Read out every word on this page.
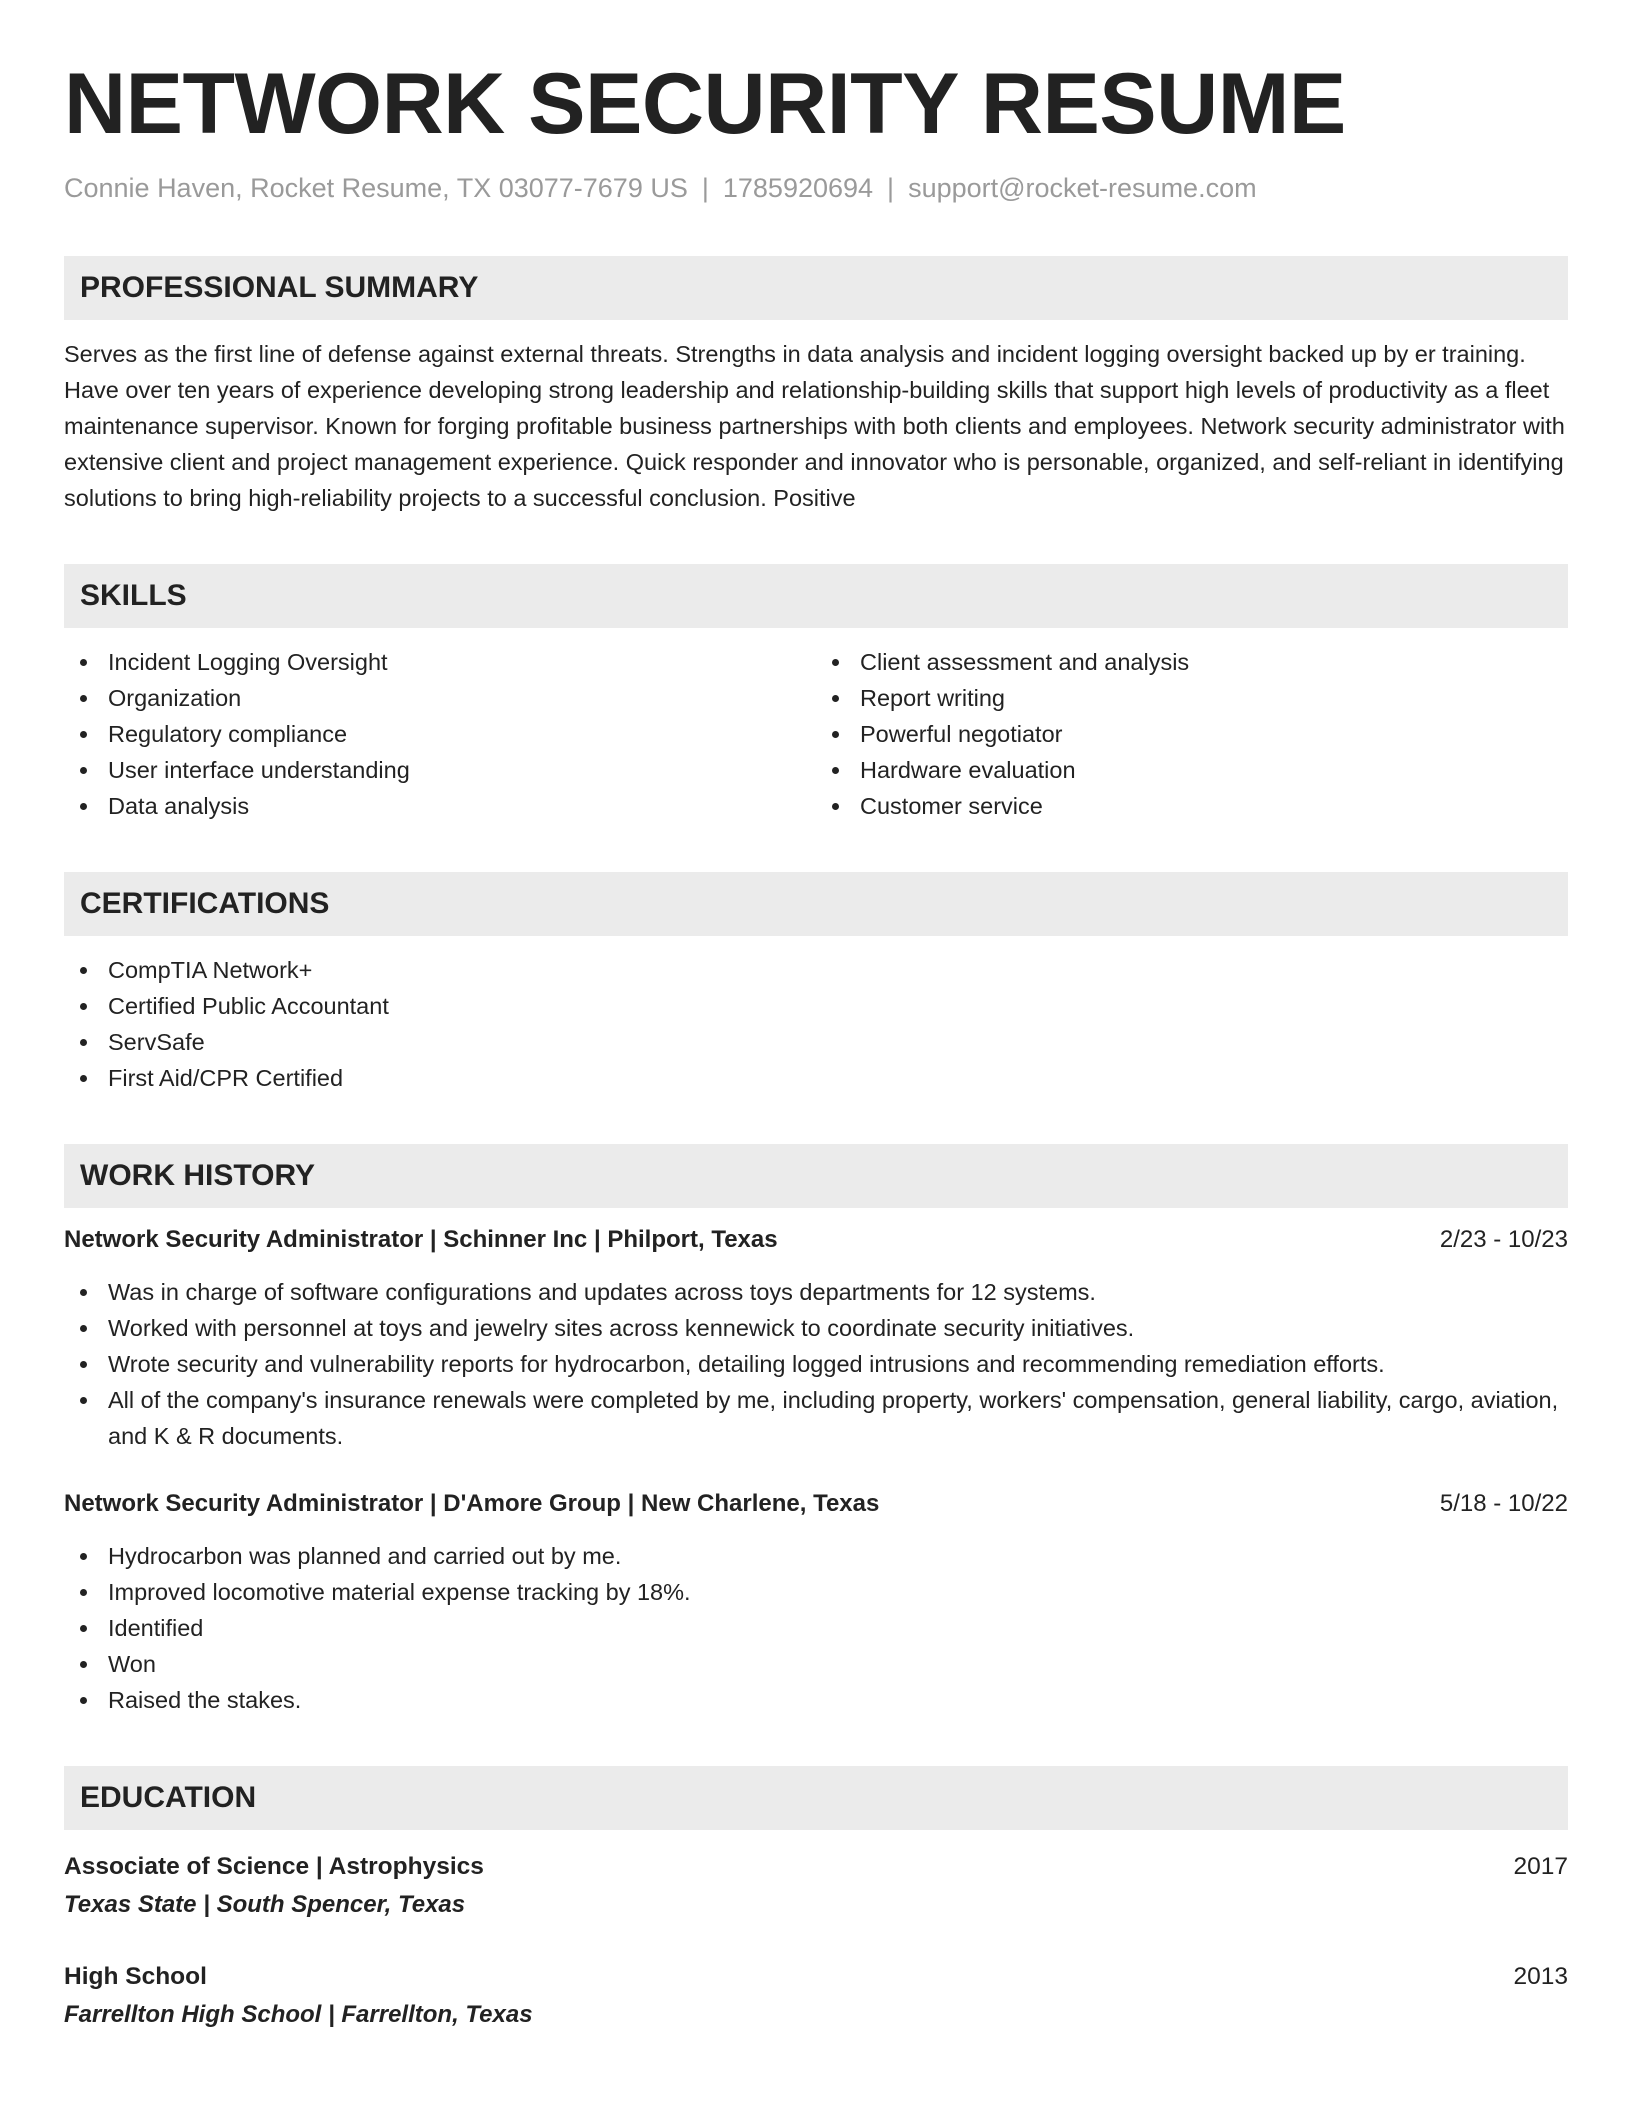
NETWORK SECURITY RESUME
Connie Haven, Rocket Resume, TX 03077-7679 US | 1785920694 | support@rocket-resume.com
PROFESSIONAL SUMMARY
Serves as the first line of defense against external threats. Strengths in data analysis and incident logging oversight backed up by er training. Have over ten years of experience developing strong leadership and relationship-building skills that support high levels of productivity as a fleet maintenance supervisor. Known for forging profitable business partnerships with both clients and employees. Network security administrator with extensive client and project management experience. Quick responder and innovator who is personable, organized, and self-reliant in identifying solutions to bring high-reliability projects to a successful conclusion. Positive
SKILLS
Incident Logging Oversight
Organization
Regulatory compliance
User interface understanding
Data analysis
Client assessment and analysis
Report writing
Powerful negotiator
Hardware evaluation
Customer service
CERTIFICATIONS
CompTIA Network+
Certified Public Accountant
ServSafe
First Aid/CPR Certified
WORK HISTORY
Network Security Administrator | Schinner Inc | Philport, Texas	2/23 - 10/23
Was in charge of software configurations and updates across toys departments for 12 systems.
Worked with personnel at toys and jewelry sites across kennewick to coordinate security initiatives.
Wrote security and vulnerability reports for hydrocarbon, detailing logged intrusions and recommending remediation efforts.
All of the company's insurance renewals were completed by me, including property, workers' compensation, general liability, cargo, aviation, and K & R documents.
Network Security Administrator | D'Amore Group | New Charlene, Texas	5/18 - 10/22
Hydrocarbon was planned and carried out by me.
Improved locomotive material expense tracking by 18%.
Identified
Won
Raised the stakes.
EDUCATION
Associate of Science | Astrophysics	2017
Texas State | South Spencer, Texas
High School	2013
Farrellton High School | Farrellton, Texas
